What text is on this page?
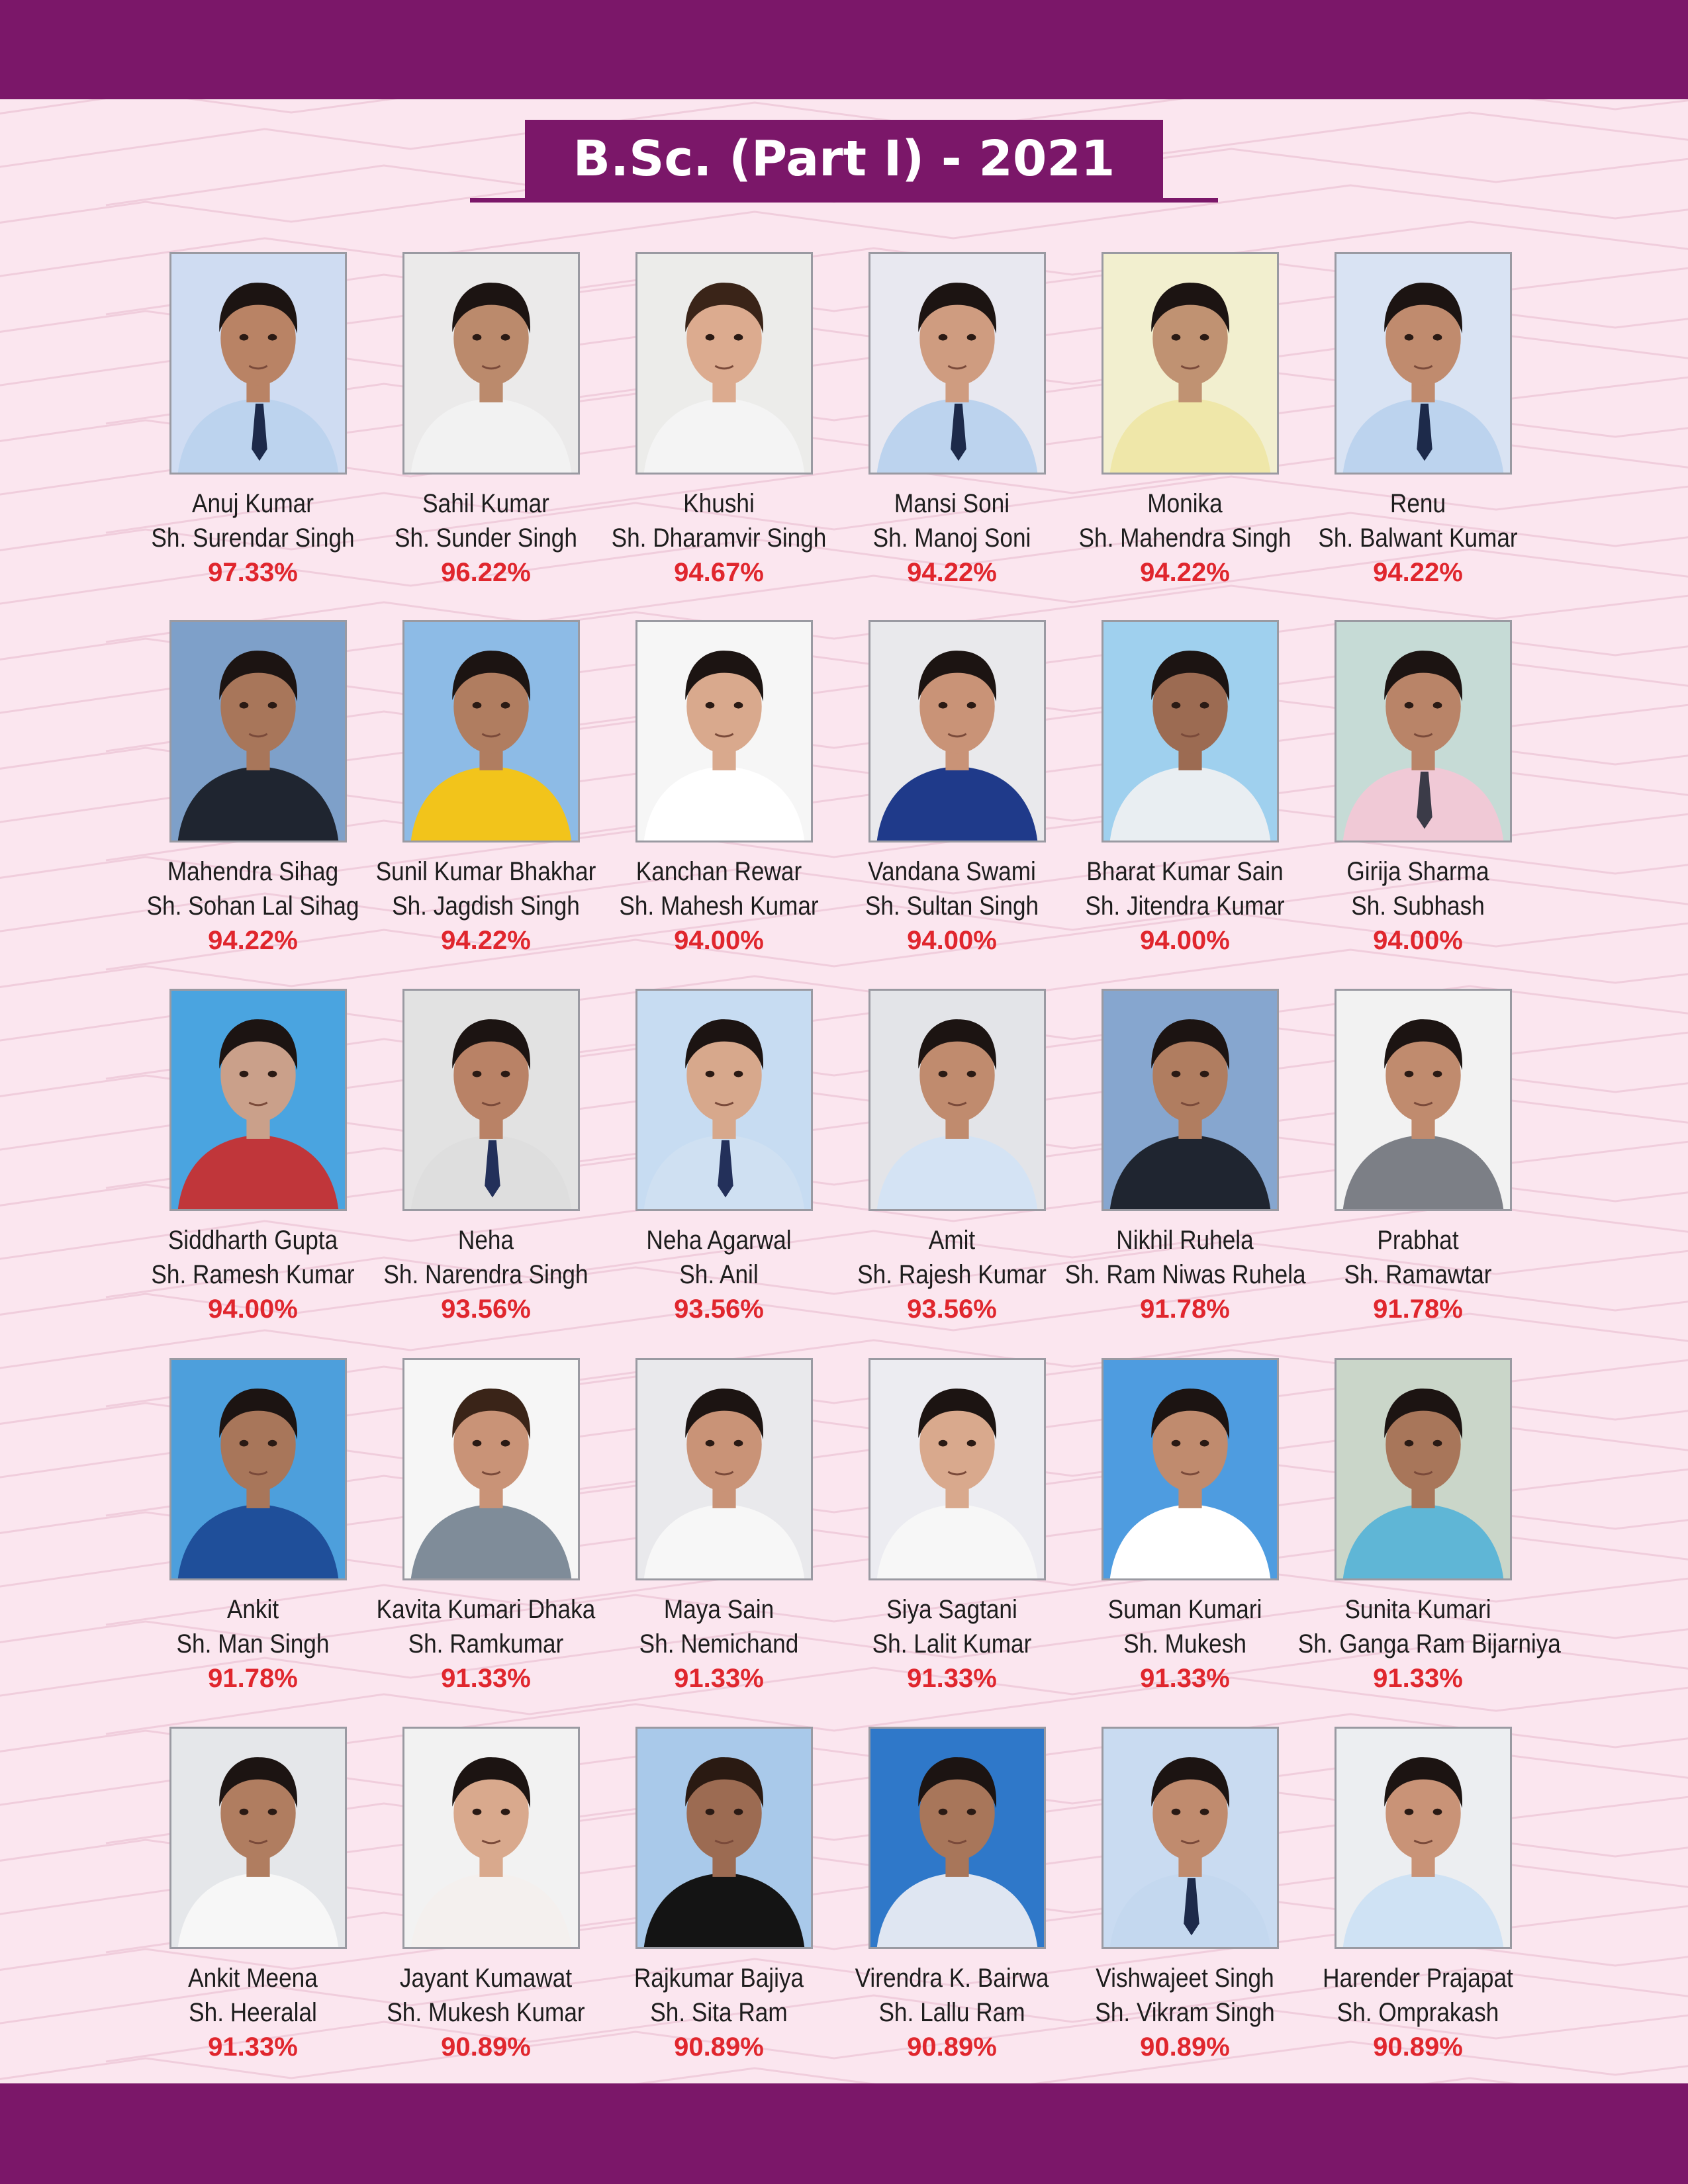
B.Sc. (Part I) - 2021
Anuj Kumar
Sh. Surendar Singh
97.33%
Sahil Kumar
Sh. Sunder Singh
96.22%
Khushi
Sh. Dharamvir Singh
94.67%
Mansi Soni
Sh. Manoj Soni
94.22%
Monika
Sh. Mahendra Singh
94.22%
Renu
Sh. Balwant Kumar
94.22%
Mahendra Sihag
Sh. Sohan Lal Sihag
94.22%
Sunil Kumar Bhakhar
Sh. Jagdish Singh
94.22%
Kanchan Rewar
Sh. Mahesh Kumar
94.00%
Vandana Swami
Sh. Sultan Singh
94.00%
Bharat Kumar Sain
Sh. Jitendra Kumar
94.00%
Girija Sharma
Sh. Subhash
94.00%
Siddharth Gupta
Sh. Ramesh Kumar
94.00%
Neha
Sh. Narendra Singh
93.56%
Neha Agarwal
Sh. Anil
93.56%
Amit
Sh. Rajesh Kumar
93.56%
Nikhil Ruhela
Sh. Ram Niwas Ruhela
91.78%
Prabhat
Sh. Ramawtar
91.78%
Ankit
Sh. Man Singh
91.78%
Kavita Kumari Dhaka
Sh. Ramkumar
91.33%
Maya Sain
Sh. Nemichand
91.33%
Siya Sagtani
Sh. Lalit Kumar
91.33%
Suman Kumari
Sh. Mukesh
91.33%
Sunita Kumari
Sh. Ganga Ram Bijarniya
91.33%
Ankit Meena
Sh. Heeralal
91.33%
Jayant Kumawat
Sh. Mukesh Kumar
90.89%
Rajkumar Bajiya
Sh. Sita Ram
90.89%
Virendra K. Bairwa
Sh. Lallu Ram
90.89%
Vishwajeet Singh
Sh. Vikram Singh
90.89%
Harender Prajapat
Sh. Omprakash
90.89%
